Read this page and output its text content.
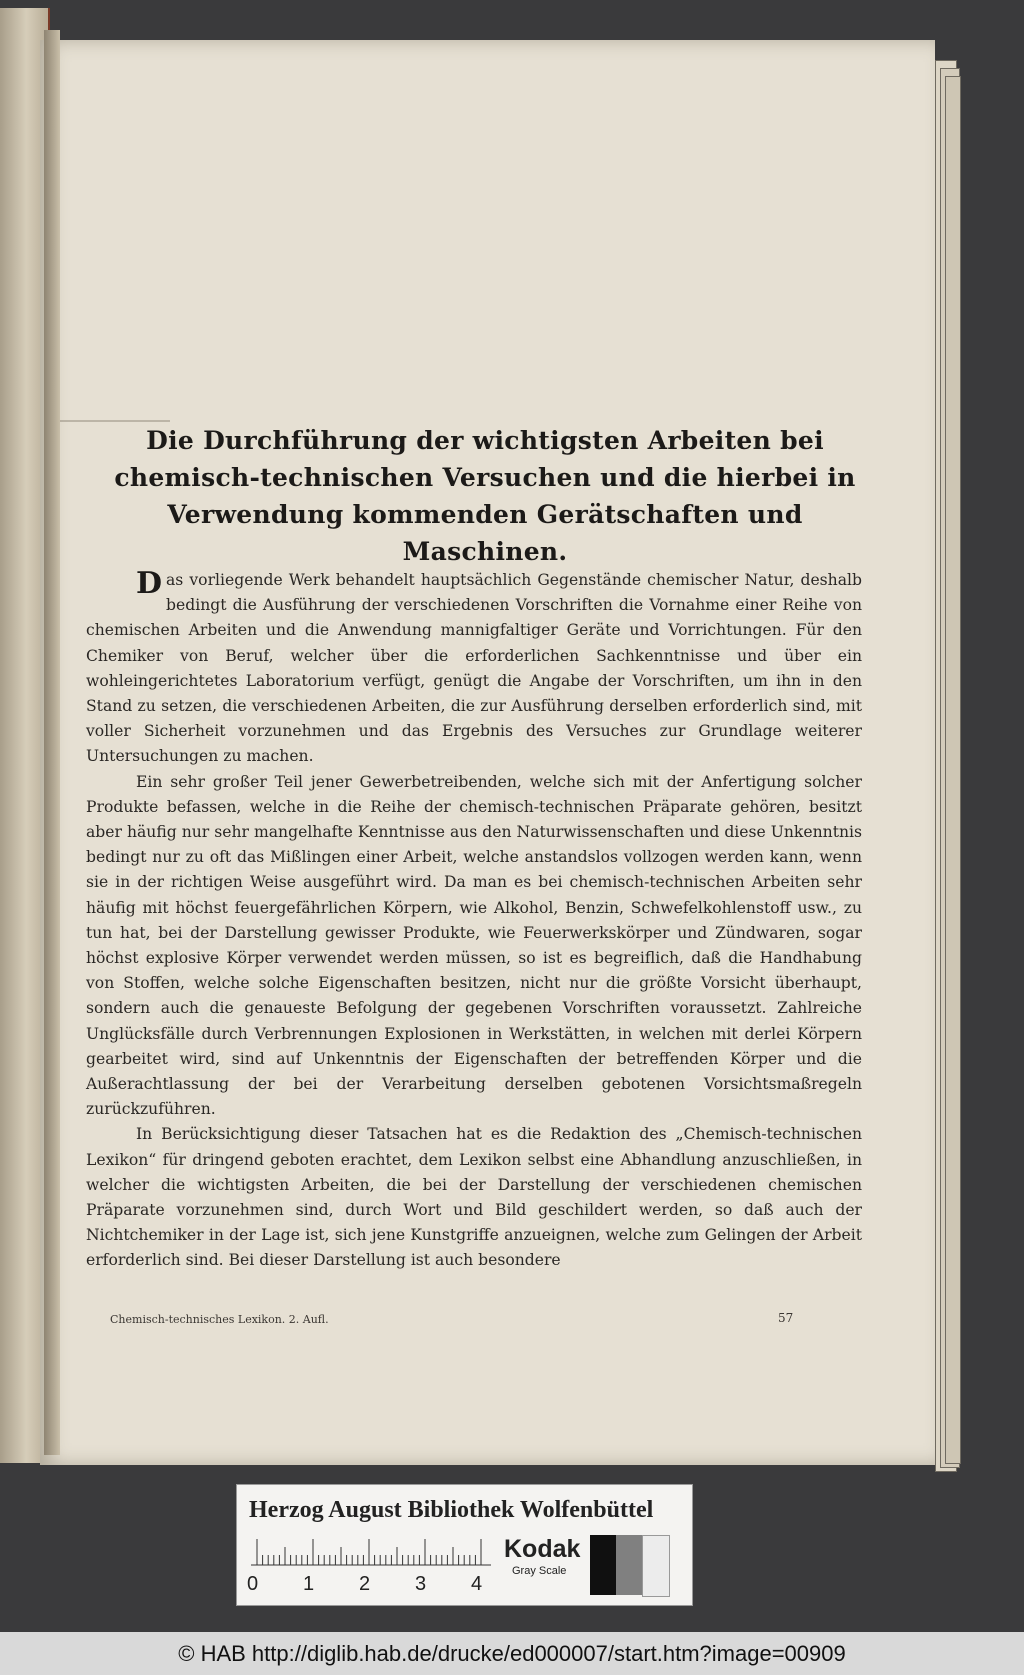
Die Durchführung der wichtigsten Arbeiten bei chemisch-technischen Versuchen und die hierbei in Verwendung kommenden Gerätschaften und Maschinen.

Das vorliegende Werk behandelt hauptsächlich Gegenstände chemischer Natur, deshalb bedingt die Ausführung der verschiedenen Vorschriften die Vornahme einer Reihe von chemischen Arbeiten und die Anwendung mannigfaltiger Geräte und Vorrichtungen. Für den Chemiker von Beruf, welcher über die erforderlichen Sachkenntnisse und über ein wohleingerichtetes Laboratorium verfügt, genügt die Angabe der Vorschriften, um ihn in den Stand zu setzen, die verschiedenen Arbeiten, die zur Ausführung derselben erforderlich sind, mit voller Sicherheit vorzunehmen und das Ergebnis des Versuches zur Grundlage weiterer Untersuchungen zu machen.

Ein sehr großer Teil jener Gewerbetreibenden, welche sich mit der Anfertigung solcher Produkte befassen, welche in die Reihe der chemisch-technischen Präparate gehören, besitzt aber häufig nur sehr mangelhafte Kenntnisse aus den Naturwissenschaften und diese Unkenntnis bedingt nur zu oft das Mißlingen einer Arbeit, welche anstandslos vollzogen werden kann, wenn sie in der richtigen Weise ausgeführt wird. Da man es bei chemisch-technischen Arbeiten sehr häufig mit höchst feuergefährlichen Körpern, wie Alkohol, Benzin, Schwefelkohlenstoff usw., zu tun hat, bei der Darstellung gewisser Produkte, wie Feuerwerkskörper und Zündwaren, sogar höchst explosive Körper verwendet werden müssen, so ist es begreiflich, daß die Handhabung von Stoffen, welche solche Eigenschaften besitzen, nicht nur die größte Vorsicht überhaupt, sondern auch die genaueste Befolgung der gegebenen Vorschriften voraussetzt. Zahlreiche Unglücksfälle durch Verbrennungen Explosionen in Werkstätten, in welchen mit derlei Körpern gearbeitet wird, sind auf Unkenntnis der Eigenschaften der betreffenden Körper und die Außerachtlassung der bei der Verarbeitung derselben gebotenen Vorsichtsmaßregeln zurückzuführen.

In Berücksichtigung dieser Tatsachen hat es die Redaktion des „Chemisch-technischen Lexikon“ für dringend geboten erachtet, dem Lexikon selbst eine Abhandlung anzuschließen, in welcher die wichtigsten Arbeiten, die bei der Darstellung der verschiedenen chemischen Präparate vorzunehmen sind, durch Wort und Bild geschildert werden, so daß auch der Nichtchemiker in der Lage ist, sich jene Kunstgriffe anzueignen, welche zum Gelingen der Arbeit erforderlich sind. Bei dieser Darstellung ist auch besondere

Chemisch-technisches Lexikon. 2. Aufl.	57
Herzog August Bibliothek Wolfenbüttel
0 1 2 3 4
Kodak
Gray Scale
© HAB http://diglib.hab.de/drucke/ed000007/start.htm?image=00909
